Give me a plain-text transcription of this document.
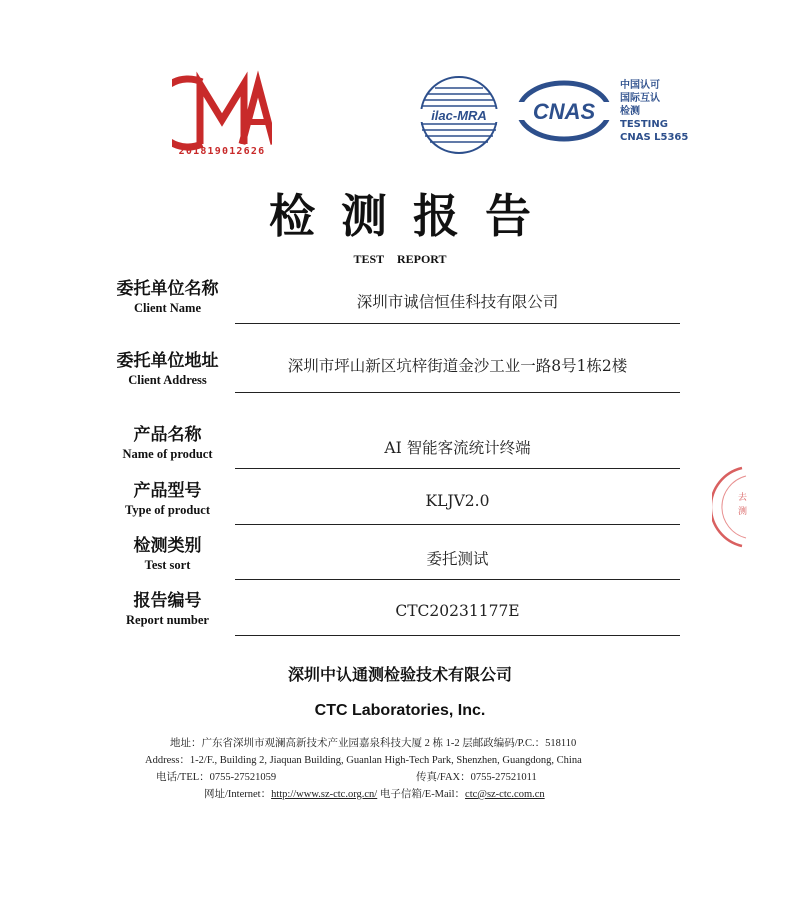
201819012626
ilac-MRA CNAS
中国认可
国际互认
检测
TESTING
CNAS L5365
检测报告
TEST REPORT
委托单位名称
Client Name	深圳市诚信恒佳科技有限公司
委托单位地址
Client Address
深圳市坪山新区坑梓街道金沙工业一路8号1栋2楼
产品名称
Name of product	AI 智能客流统计终端
产品型号
Type of product	KLJV2.0
检测类别
Test sort	委托测试
报告编号
Report number	CTC20231177E
去
测
深圳中认通测检验技术有限公司
CTC Laboratories, Inc.
地址：广东省深圳市观澜高新技术产业园嘉泉科技大厦 2 栋 1-2 层邮政编码/P.C.：518110
Address：1-2/F., Building 2, Jiaquan Building, Guanlan High-Tech Park, Shenzhen, Guangdong, China
电话/TEL：0755-27521059	传真/FAX：0755-27521011
网址/Internet：http://www.sz-ctc.org.cn/ 电子信箱/E-Mail：ctc@sz-ctc.com.cn
